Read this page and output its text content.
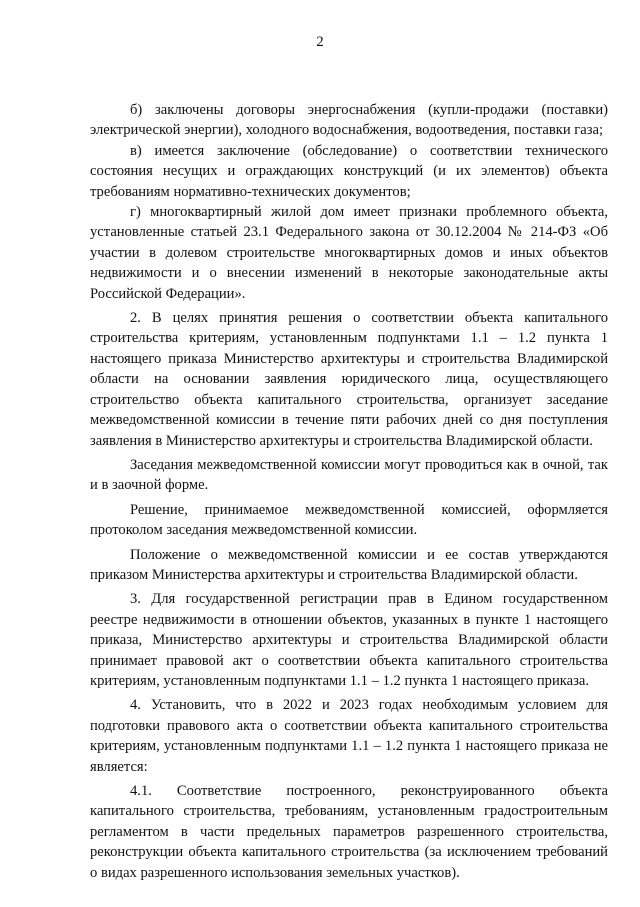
2

б) заключены договоры энергоснабжения (купли-продажи (поставки) электрической энергии), холодного водоснабжения, водоотведения, поставки газа;

в) имеется заключение (обследование) о соответствии технического состояния несущих и ограждающих конструкций (и их элементов) объекта требованиям нормативно-технических документов;

г) многоквартирный жилой дом имеет признаки проблемного объекта, установленные статьей 23.1 Федерального закона от 30.12.2004 № 214-ФЗ «Об участии в долевом строительстве многоквартирных домов и иных объектов недвижимости и о внесении изменений в некоторые законодательные акты Российской Федерации».

2. В целях принятия решения о соответствии объекта капитального строительства критериям, установленным подпунктами 1.1 – 1.2 пункта 1 настоящего приказа Министерство архитектуры и строительства Владимирской области на основании заявления юридического лица, осуществляющего строительство объекта капитального строительства, организует заседание межведомственной комиссии в течение пяти рабочих дней со дня поступления заявления в Министерство архитектуры и строительства Владимирской области.

Заседания межведомственной комиссии могут проводиться как в очной, так и в заочной форме.

Решение, принимаемое межведомственной комиссией, оформляется протоколом заседания межведомственной комиссии.

Положение о межведомственной комиссии и ее состав утверждаются приказом Министерства архитектуры и строительства Владимирской области.

3. Для государственной регистрации прав в Едином государственном реестре недвижимости в отношении объектов, указанных в пункте 1 настоящего приказа, Министерство архитектуры и строительства Владимирской области принимает правовой акт о соответствии объекта капитального строительства критериям, установленным подпунктами 1.1 – 1.2 пункта 1 настоящего приказа.

4. Установить, что в 2022 и 2023 годах необходимым условием для подготовки правового акта о соответствии объекта капитального строительства критериям, установленным подпунктами 1.1 – 1.2 пункта 1 настоящего приказа не является:

4.1. Соответствие построенного, реконструированного объекта капитального строительства, требованиям, установленным градостроительным регламентом в части предельных параметров разрешенного строительства, реконструкции объекта капитального строительства (за исключением требований о видах разрешенного использования земельных участков).
